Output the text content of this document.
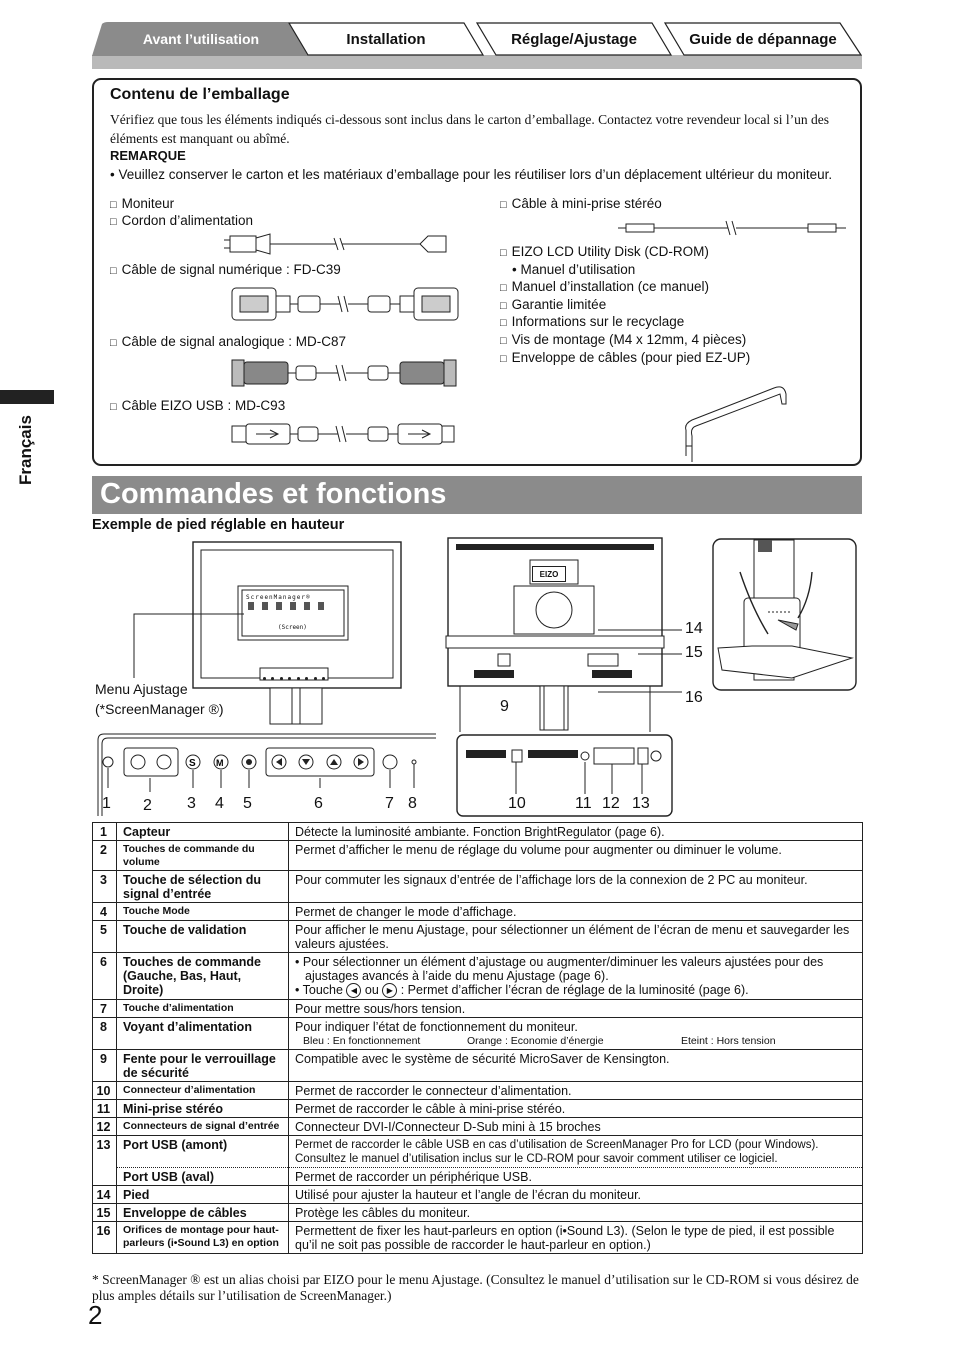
Avant l’utilisation	Installation	Réglage/Ajustage	Guide de dépannage
Français
Contenu de l’emballage
Vérifiez que tous les éléments indiqués ci-dessous sont inclus dans le carton d’emballage. Contactez votre revendeur local si l’un des éléments est manquant ou abîmé.
REMARQUE
• Veuillez conserver le carton et les matériaux d’emballage pour les réutiliser lors d’un déplacement ultérieur du moniteur.
□ Moniteur
□ Cordon d’alimentation
□ Câble de signal numérique : FD-C39
□ Câble de signal analogique : MD-C87
□ Câble EIZO USB : MD-C93
□ Câble à mini-prise stéréo
□ EIZO LCD Utility Disk (CD-ROM)
• Manuel d’utilisation
□ Manuel d’installation (ce manuel)
□ Garantie limitée
□ Informations sur le recyclage
□ Vis de montage (M4 x 12mm, 4 pièces)
□ Enveloppe de câbles (pour pied EZ-UP)
Commandes et fonctions
Exemple de pied réglable en hauteur
ScreenManager®
(Screen)
Menu Ajustage
(*ScreenManager ®)
S M
1 2 3 4 5	6	7 8
EIZO
14
15
16
9
10	11 12 13
1	Capteur	Détecte la luminosité ambiante. Fonction BrightRegulator (page 6).
2	Touches de commande du volume	Permet d’afficher le menu de réglage du volume pour augmenter ou diminuer le volume.
3	Touche de sélection du signal d’entrée	Pour commuter les signaux d’entrée de l’affichage lors de la connexion de 2 PC au moniteur.
4	Touche Mode	Permet de changer le mode d’affichage.
5	Touche de validation	Pour afficher le menu Ajustage, pour sélectionner un élément de l’écran de menu et sauvegarder les valeurs ajustées.
6	Touches de commande (Gauche, Bas, Haut, Droite)	• Pour sélectionner un élément d’ajustage ou augmenter/diminuer les valeurs ajustées pour des ajustages avancés à l’aide du menu Ajustage (page 6).
• Touche ◀ ou ▶ : Permet d’afficher l’écran de réglage de la luminosité (page 6).

7	Touche d’alimentation	Pour mettre sous/hors tension.
8	Voyant d’alimentation	Pour indiquer l’état de fonctionnement du moniteur.
Bleu : En fonctionnement Orange : Economie d’énergie Eteint : Hors tension

9	Fente pour le verrouillage de sécurité	Compatible avec le système de sécurité MicroSaver de Kensington.
10	Connecteur d’alimentation	Permet de raccorder le connecteur d’alimentation.
11	Mini-prise stéréo	Permet de raccorder le câble à mini-prise stéréo.
12	Connecteurs de signal d’entrée	Connecteur DVI-I/Connecteur D-Sub mini à 15 broches
13	Port USB (amont)	Permet de raccorder le câble USB en cas d’utilisation de ScreenManager Pro for LCD (pour Windows). Consultez le manuel d’utilisation inclus sur le CD-ROM pour savoir comment utiliser ce logiciel.
	Port USB (aval)	Permet de raccorder un périphérique USB.
14	Pied	Utilisé pour ajuster la hauteur et l’angle de l’écran du moniteur.
15	Enveloppe de câbles	Protège les câbles du moniteur.
16	Orifices de montage pour haut-parleurs (i•Sound L3) en option	Permettent de fixer les haut-parleurs en option (i•Sound L3). (Selon le type de pied, il est possible qu’il ne soit pas possible de raccorder le haut-parleur en option.)
* ScreenManager ® est un alias choisi par EIZO pour le menu Ajustage. (Consultez le manuel d’utilisation sur le CD-ROM si vous désirez de plus amples détails sur l’utilisation de ScreenManager.)
2
